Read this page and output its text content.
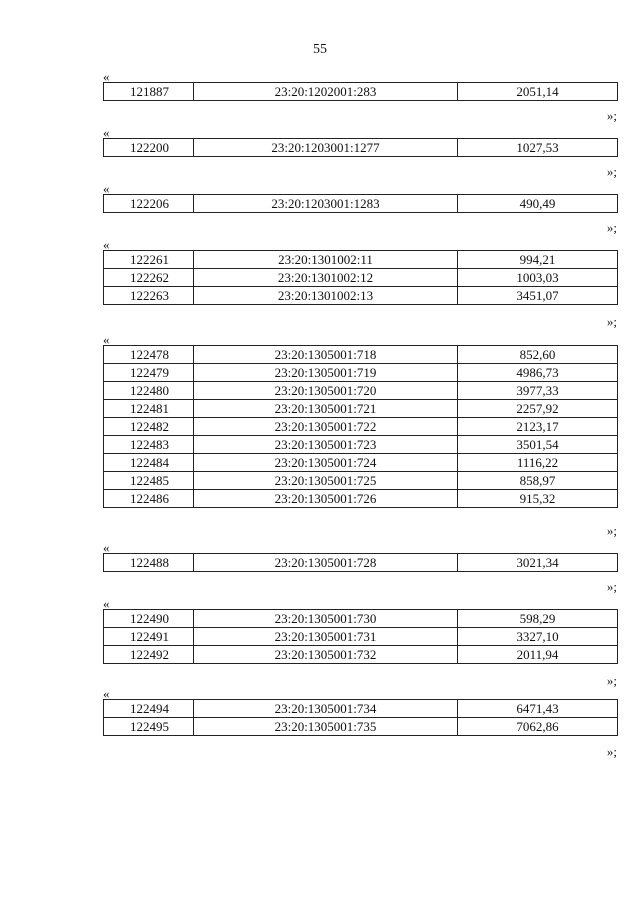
55
«
121887	23:20:1202001:283	2051,14
»;
«
122200	23:20:1203001:1277	1027,53
»;
«
122206	23:20:1203001:1283	490,49
»;
«
122261	23:20:1301002:11	994,21
122262	23:20:1301002:12	1003,03
122263	23:20:1301002:13	3451,07
»;
«
122478	23:20:1305001:718	852,60
122479	23:20:1305001:719	4986,73
122480	23:20:1305001:720	3977,33
122481	23:20:1305001:721	2257,92
122482	23:20:1305001:722	2123,17
122483	23:20:1305001:723	3501,54
122484	23:20:1305001:724	1116,22
122485	23:20:1305001:725	858,97
122486	23:20:1305001:726	915,32
»;
«
122488	23:20:1305001:728	3021,34
»;
«
122490	23:20:1305001:730	598,29
122491	23:20:1305001:731	3327,10
122492	23:20:1305001:732	2011,94
»;
«
122494	23:20:1305001:734	6471,43
122495	23:20:1305001:735	7062,86
»;
